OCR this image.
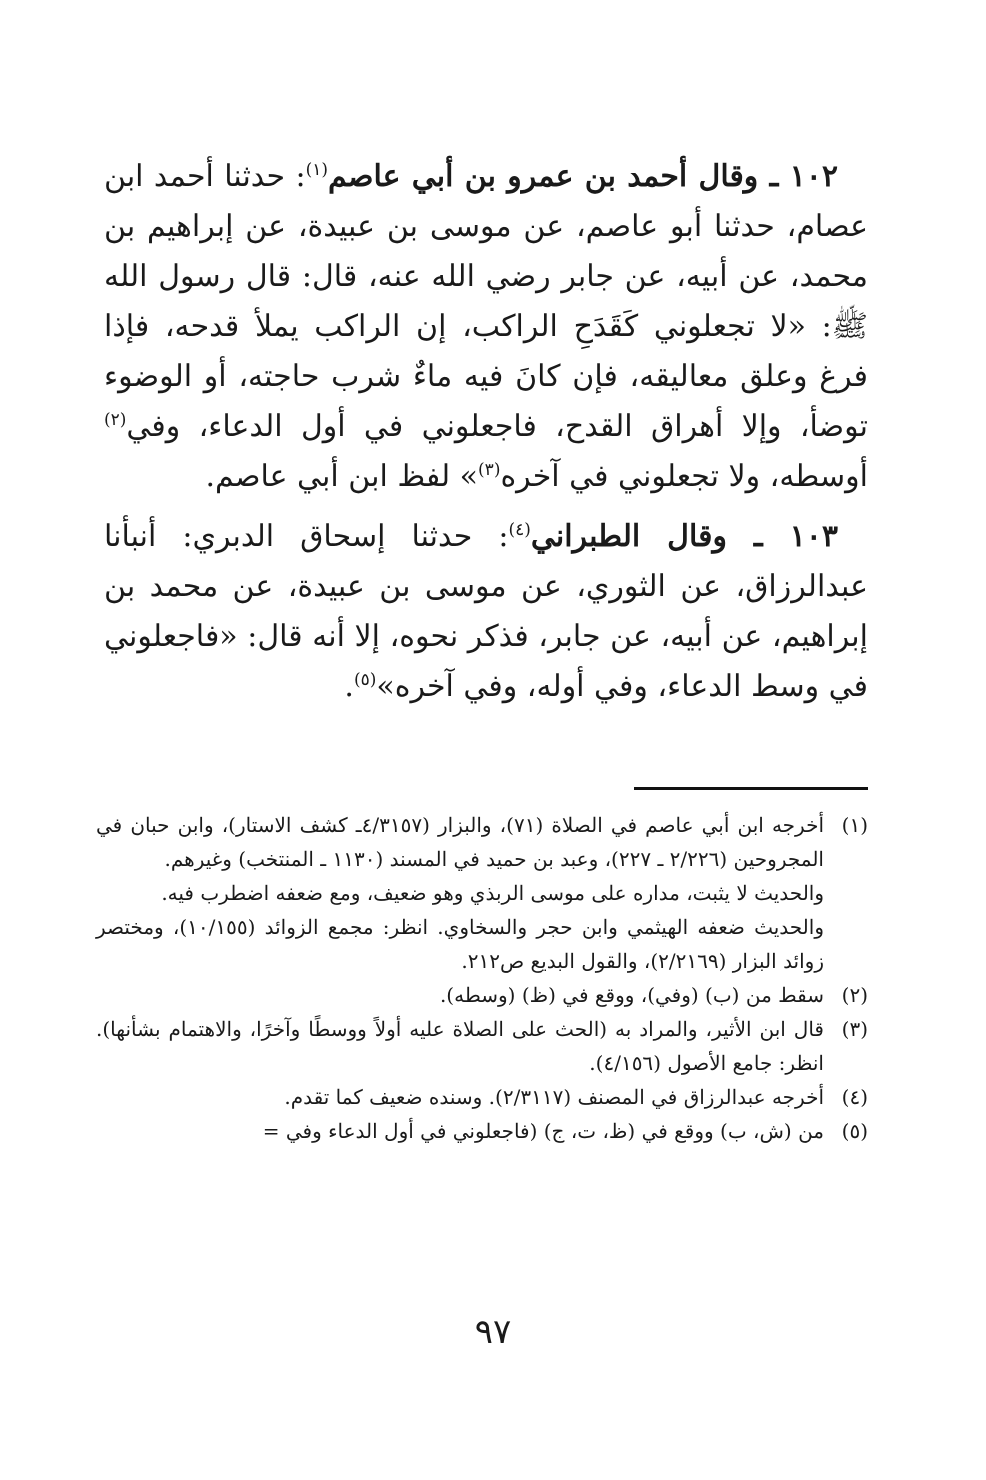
١٠٢ ـ وقال أحمد بن عمرو بن أبي عاصم$^{(١)}$: حدثنا أحمد ابن عصام، حدثنا أبو عاصم، عن موسى بن عبيدة، عن إبراهيم بن محمد، عن أبيه، عن جابر رضي الله عنه، قال: قال رسول الله ﷺ: «لا تجعلوني كَقَدَحِ الراكب، إن الراكب يملأ قدحه، فإذا فرغ وعلق معاليقه، فإن كانَ فيه ماءٌ شرب حاجته، أو الوضوء توضأ، وإلا أهراق القدح، فاجعلوني في أول الدعاء، وفي$^{(٢)}$ أوسطه، ولا تجعلوني في آخره$^{(٣)}$» لفظ ابن أبي عاصم.

١٠٣ ـ وقال الطبراني$^{(٤)}$: حدثنا إسحاق الدبري: أنبأنا عبدالرزاق، عن الثوري، عن موسى بن عبيدة، عن محمد بن إبراهيم، عن أبيه، عن جابر، فذكر نحوه، إلا أنه قال: «فاجعلوني في وسط الدعاء، وفي أوله، وفي آخره»$^{(٥)}$.

(١)
أخرجه ابن أبي عاصم في الصلاة (٧١)، والبزار (٤/٣١٥٧ـ كشف الاستار)، وابن حبان في المجروحين (٢/٢٢٦ ـ ٢٢٧)، وعبد بن حميد في المسند (١١٣٠ ـ المنتخب) وغيرهم.
والحديث لا يثبت، مداره على موسى الربذي وهو ضعيف، ومع ضعفه اضطرب فيه.
والحديث ضعفه الهيثمي وابن حجر والسخاوي. انظر: مجمع الزوائد (١٠/١٥٥)، ومختصر زوائد البزار (٢/٢١٦٩)، والقول البديع ص٢١٢.
(٢)
سقط من (ب) (وفي)، ووقع في (ظ) (وسطه).
(٣)
قال ابن الأثير، والمراد به (الحث على الصلاة عليه أولاً ووسطًا وآخرًا، والاهتمام بشأنها). انظر: جامع الأصول (٤/١٥٦).
(٤)
أخرجه عبدالرزاق في المصنف (٢/٣١١٧). وسنده ضعيف كما تقدم.
(٥)
من (ش، ب) ووقع في (ظ، ت، ج) (فاجعلوني في أول الدعاء وفي =
٩٧
